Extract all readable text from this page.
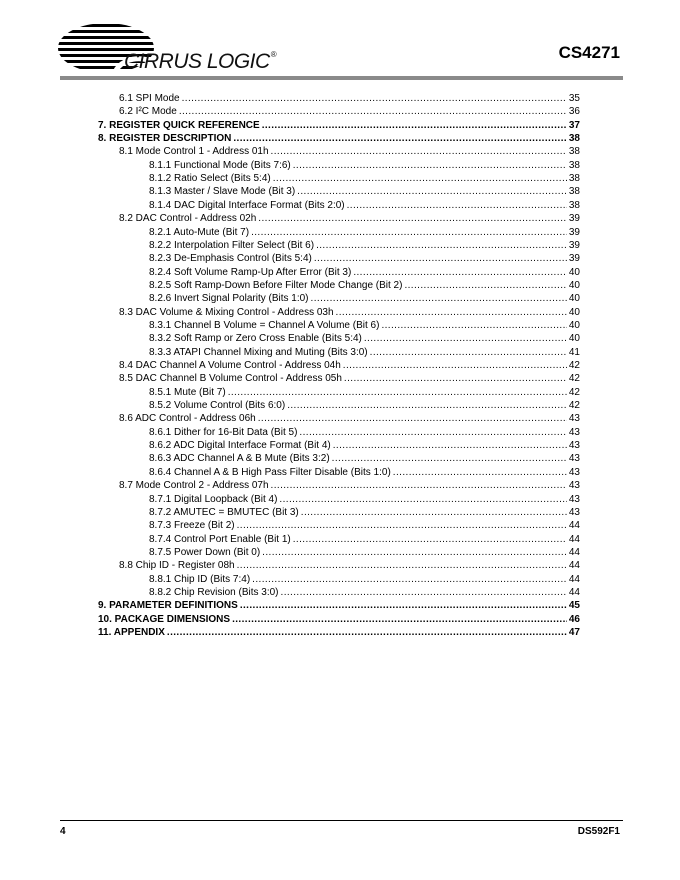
CIRRUS LOGIC®	CS4271
6.1 SPI Mode .....	35
6.2 I²C Mode .....	36
7. REGISTER QUICK REFERENCE .....	37
8. REGISTER DESCRIPTION .....	38
8.1 Mode Control 1 - Address 01h .....	38
8.1.1 Functional Mode (Bits 7:6) .....	38
8.1.2 Ratio Select (Bits 5:4) .....	38
8.1.3 Master / Slave Mode (Bit 3) .....	38
8.1.4 DAC Digital Interface Format (Bits 2:0) .....	38
8.2 DAC Control - Address 02h .....	39
8.2.1 Auto-Mute (Bit 7) .....	39
8.2.2 Interpolation Filter Select (Bit 6) .....	39
8.2.3 De-Emphasis Control (Bits 5:4) .....	39
8.2.4 Soft Volume Ramp-Up After Error (Bit 3) .....	40
8.2.5 Soft Ramp-Down Before Filter Mode Change (Bit 2) .....	40
8.2.6 Invert Signal Polarity (Bits 1:0) .....	40
8.3 DAC Volume & Mixing Control - Address 03h .....	40
8.3.1 Channel B Volume = Channel A Volume (Bit 6) .....	40
8.3.2 Soft Ramp or Zero Cross Enable (Bits 5:4) .....	40
8.3.3 ATAPI Channel Mixing and Muting (Bits 3:0) .....	41
8.4 DAC Channel A Volume Control - Address 04h .....	42
8.5 DAC Channel B Volume Control - Address 05h .....	42
8.5.1 Mute (Bit 7) .....	42
8.5.2 Volume Control (Bits 6:0) .....	42
8.6 ADC Control - Address 06h .....	43
8.6.1 Dither for 16-Bit Data (Bit 5) .....	43
8.6.2 ADC Digital Interface Format (Bit 4) .....	43
8.6.3 ADC Channel A & B Mute (Bits 3:2) .....	43
8.6.4 Channel A & B High Pass Filter Disable (Bits 1:0) .....	43
8.7 Mode Control 2 - Address 07h .....	43
8.7.1 Digital Loopback (Bit 4) .....	43
8.7.2 AMUTEC = BMUTEC (Bit 3) .....	43
8.7.3 Freeze (Bit 2) .....	44
8.7.4 Control Port Enable (Bit 1) .....	44
8.7.5 Power Down (Bit 0) .....	44
8.8 Chip ID - Register 08h .....	44
8.8.1 Chip ID (Bits 7:4) .....	44
8.8.2 Chip Revision (Bits 3:0) .....	44
9. PARAMETER DEFINITIONS .....	45
10. PACKAGE DIMENSIONS .....	46
11. APPENDIX .....	47
4	DS592F1
